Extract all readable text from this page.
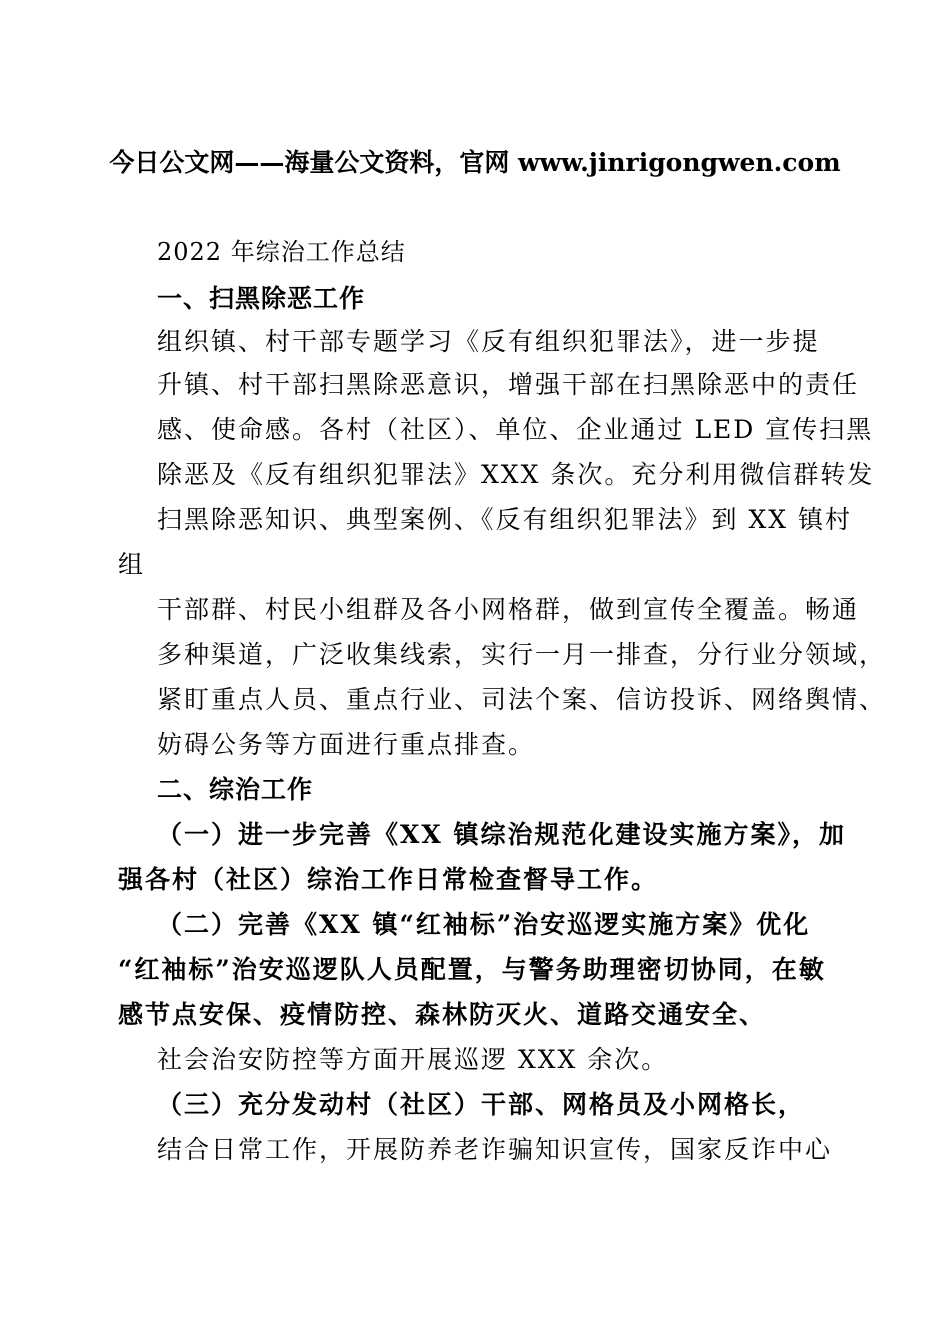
今日公文网——海量公文资料，官网 www.jinrigongwen.com
2022 年综治工作总结
一、扫黑除恶工作
组织镇、村干部专题学习《反有组织犯罪法》，进一步提
升镇、村干部扫黑除恶意识，增强干部在扫黑除恶中的责任
感、使命感。各村（社区）、单位、企业通过 LED 宣传扫黑
除恶及《反有组织犯罪法》XXX 条次。充分利用微信群转发
扫黑除恶知识、典型案例、《反有组织犯罪法》到 XX 镇村
组
干部群、村民小组群及各小网格群，做到宣传全覆盖。畅通
多种渠道，广泛收集线索，实行一月一排查，分行业分领域，
紧盯重点人员、重点行业、司法个案、信访投诉、网络舆情、
妨碍公务等方面进行重点排查。
二、综治工作
（一）进一步完善《XX 镇综治规范化建设实施方案》，加
强各村（社区）综治工作日常检查督导工作。
（二）完善《XX 镇“红袖标”治安巡逻实施方案》优化
“红袖标”治安巡逻队人员配置，与警务助理密切协同，在敏
感节点安保、疫情防控、森林防灭火、道路交通安全、
社会治安防控等方面开展巡逻 XXX 余次。
（三）充分发动村（社区）干部、网格员及小网格长，
结合日常工作，开展防养老诈骗知识宣传，国家反诈中心
